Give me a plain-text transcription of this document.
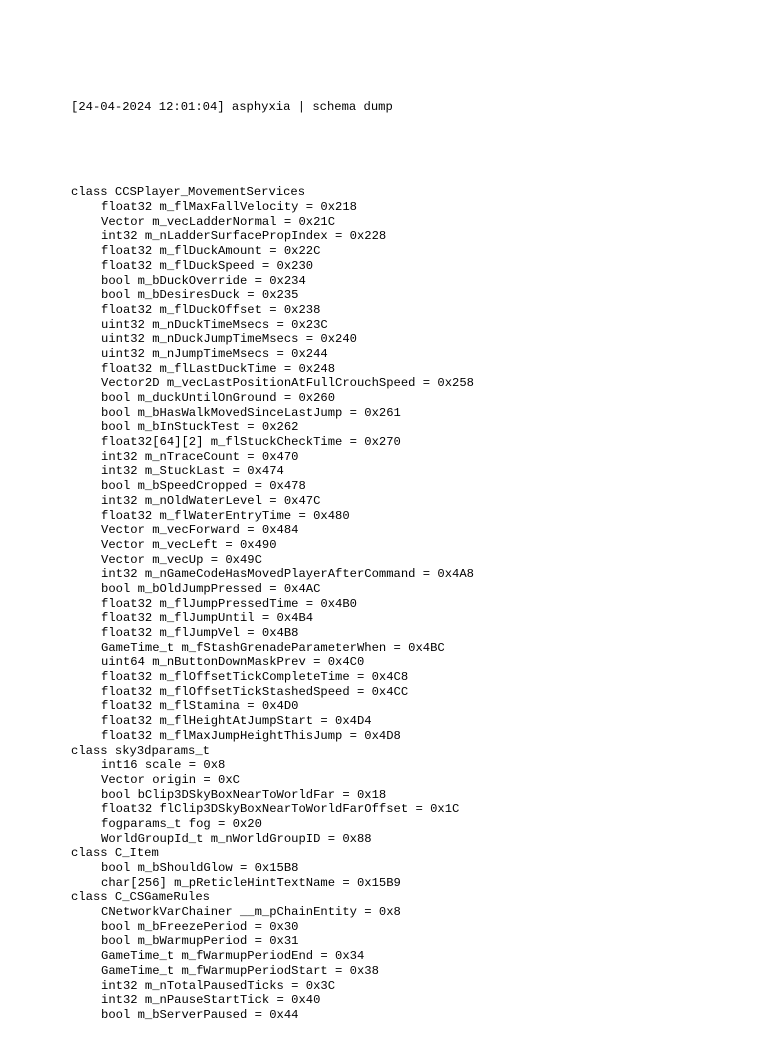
[24-04-2024 12:01:04] asphyxia | schema dump

class CCSPlayer_MovementServices
float32 m_flMaxFallVelocity = 0x218
Vector m_vecLadderNormal = 0x21C
int32 m_nLadderSurfacePropIndex = 0x228
float32 m_flDuckAmount = 0x22C
float32 m_flDuckSpeed = 0x230
bool m_bDuckOverride = 0x234
bool m_bDesiresDuck = 0x235
float32 m_flDuckOffset = 0x238
uint32 m_nDuckTimeMsecs = 0x23C
uint32 m_nDuckJumpTimeMsecs = 0x240
uint32 m_nJumpTimeMsecs = 0x244
float32 m_flLastDuckTime = 0x248
Vector2D m_vecLastPositionAtFullCrouchSpeed = 0x258
bool m_duckUntilOnGround = 0x260
bool m_bHasWalkMovedSinceLastJump = 0x261
bool m_bInStuckTest = 0x262
float32[64][2] m_flStuckCheckTime = 0x270
int32 m_nTraceCount = 0x470
int32 m_StuckLast = 0x474
bool m_bSpeedCropped = 0x478
int32 m_nOldWaterLevel = 0x47C
float32 m_flWaterEntryTime = 0x480
Vector m_vecForward = 0x484
Vector m_vecLeft = 0x490
Vector m_vecUp = 0x49C
int32 m_nGameCodeHasMovedPlayerAfterCommand = 0x4A8
bool m_bOldJumpPressed = 0x4AC
float32 m_flJumpPressedTime = 0x4B0
float32 m_flJumpUntil = 0x4B4
float32 m_flJumpVel = 0x4B8
GameTime_t m_fStashGrenadeParameterWhen = 0x4BC
uint64 m_nButtonDownMaskPrev = 0x4C0
float32 m_flOffsetTickCompleteTime = 0x4C8
float32 m_flOffsetTickStashedSpeed = 0x4CC
float32 m_flStamina = 0x4D0
float32 m_flHeightAtJumpStart = 0x4D4
float32 m_flMaxJumpHeightThisJump = 0x4D8
class sky3dparams_t
int16 scale = 0x8
Vector origin = 0xC
bool bClip3DSkyBoxNearToWorldFar = 0x18
float32 flClip3DSkyBoxNearToWorldFarOffset = 0x1C
fogparams_t fog = 0x20
WorldGroupId_t m_nWorldGroupID = 0x88
class C_Item
bool m_bShouldGlow = 0x15B8
char[256] m_pReticleHintTextName = 0x15B9
class C_CSGameRules
CNetworkVarChainer __m_pChainEntity = 0x8
bool m_bFreezePeriod = 0x30
bool m_bWarmupPeriod = 0x31
GameTime_t m_fWarmupPeriodEnd = 0x34
GameTime_t m_fWarmupPeriodStart = 0x38
int32 m_nTotalPausedTicks = 0x3C
int32 m_nPauseStartTick = 0x40
bool m_bServerPaused = 0x44
